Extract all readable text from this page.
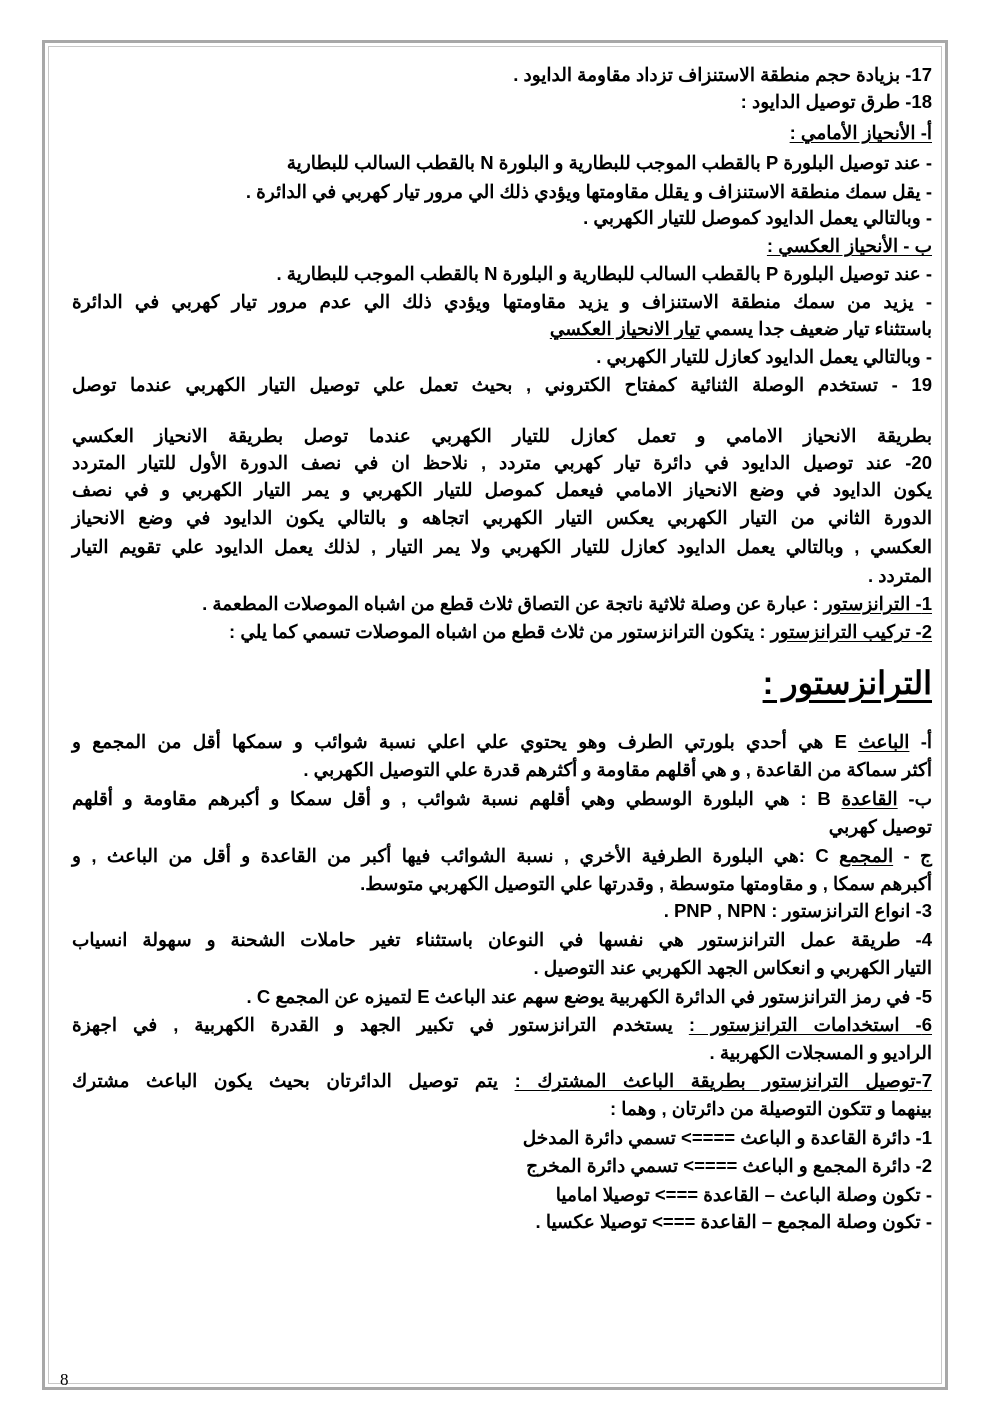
17- بزيادة حجم منطقة الاستنزاف تزداد مقاومة الدايود .
18- طرق توصيل الدايود :
أ- الأنحياز الأمامي :
- عند توصيل البلورة P بالقطب الموجب للبطارية و البلورة N بالقطب السالب للبطارية
- يقل سمك منطقة الاستنزاف و يقلل مقاومتها ويؤدي ذلك الي مرور تيار كهربي في الدائرة .
- وبالتالي يعمل الدايود كموصل للتيار الكهربي .
ب - الأنحياز العكسي :
- عند توصيل البلورة P بالقطب السالب للبطارية و البلورة N بالقطب الموجب للبطارية .
- يزيد من سمك منطقة الاستنزاف و يزيد مقاومتها ويؤدي ذلك الي عدم مرور تيار كهربي في الدائرة
باستثناء تيار ضعيف جدا يسمي تيار الانحياز العكسي
- وبالتالي يعمل الدايود كعازل للتيار الكهربي .
19 - تستخدم الوصلة الثنائية كمفتاح الكتروني , بحيث تعمل علي توصيل التيار الكهربي عندما توصل
بطريقة الانحياز الامامي و تعمل كعازل للتيار الكهربي عندما توصل بطريقة الانحياز العكسي
20- عند توصيل الدايود في دائرة تيار كهربي متردد , نلاحظ ان في نصف الدورة الأول للتيار المتردد
يكون الدايود في وضع الانحياز الامامي فيعمل كموصل للتيار الكهربي و يمر التيار الكهربي و في نصف
الدورة الثاني من التيار الكهربي يعكس التيار الكهربي اتجاهه و بالتالي يكون الدايود في وضع الانحياز
العكسي , وبالتالي يعمل الدايود كعازل للتيار الكهربي ولا يمر التيار , لذلك يعمل الدايود علي تقويم التيار
المتردد .
1- الترانزستور : عبارة عن وصلة ثلاثية ناتجة عن التصاق ثلاث قطع من اشباه الموصلات المطعمة .
2- تركيب الترانزستور : يتكون الترانزستور من ثلاث قطع من اشباه الموصلات تسمي كما يلي :
أ- الباعث E هي أحدي بلورتي الطرف وهو يحتوي علي اعلي نسبة شوائب و سمكها أقل من المجمع و
أكثر سماكة من القاعدة , و هي أقلهم مقاومة و أكثرهم قدرة علي التوصيل الكهربي .
ب- القاعدة B : هي البلورة الوسطي وهي أقلهم نسبة شوائب , و أقل سمكا و أكبرهم مقاومة و أقلهم
توصيل كهربي
ج - المجمع C :هي البلورة الطرفية الأخري , نسبة الشوائب فيها أكبر من القاعدة و أقل من الباعث , و
أكبرهم سمكا , و مقاومتها متوسطة , وقدرتها علي التوصيل الكهربي متوسط.
3- انواع الترانزستور : PNP , NPN .
4- طريقة عمل الترانزستور هي نفسها في النوعان باستثناء تغير حاملات الشحنة و سهولة انسياب
التيار الكهربي و انعكاس الجهد الكهربي عند التوصيل .
5- في رمز الترانزستور في الدائرة الكهربية يوضع سهم عند الباعث E لتميزه عن المجمع C .
6- استخدامات الترانزستور : يستخدم الترانزستور في تكبير الجهد و القدرة الكهربية , في اجهزة
الراديو و المسجلات الكهربية .
7-توصيل الترانزستور بطريقة الباعث المشترك : يتم توصيل الدائرتان بحيث يكون الباعث مشترك
بينهما و تتكون التوصيلة من دائرتان , وهما :
1- دائرة القاعدة و الباعث ====> تسمي دائرة المدخل
2- دائرة المجمع و الباعث ====> تسمي دائرة المخرج
- تكون وصلة الباعث – القاعدة ===> توصيلا اماميا
- تكون وصلة المجمع – القاعدة ===> توصيلا عكسيا .
الترانزستور :
8
